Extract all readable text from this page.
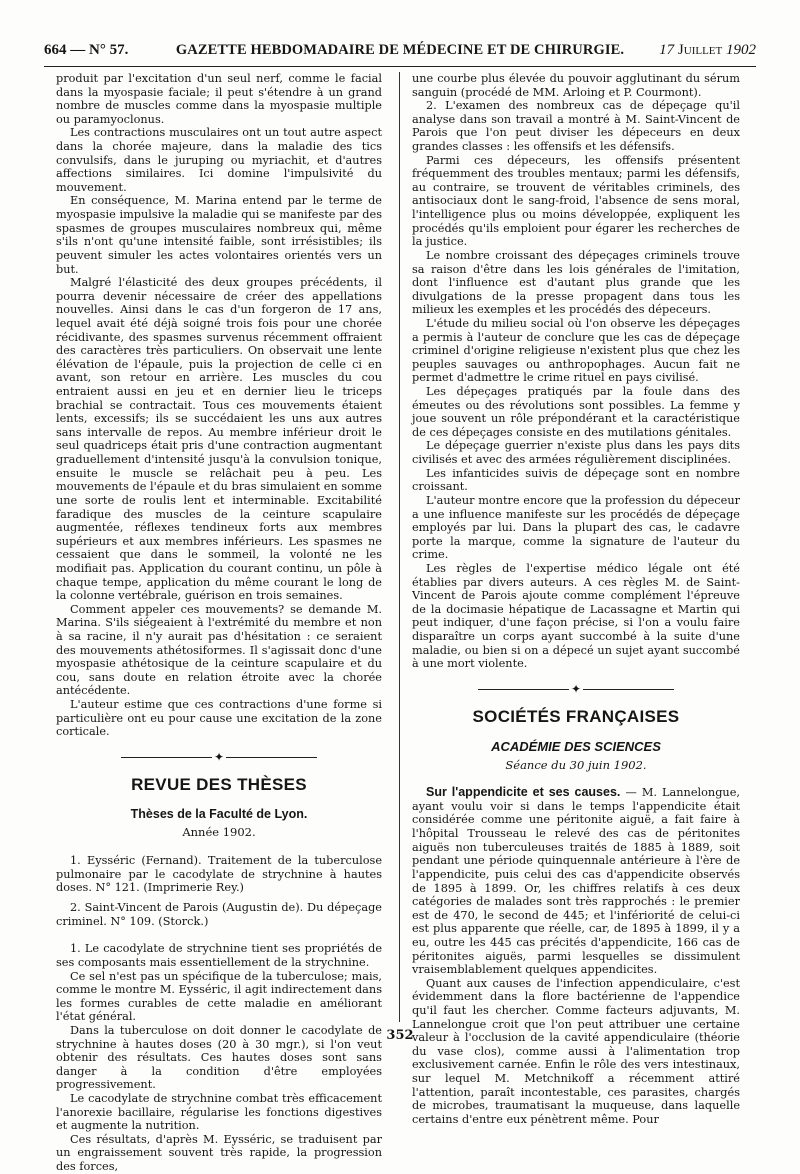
664 — N° 57.	GAZETTE HEBDOMADAIRE DE MÉDECINE ET DE CHIRURGIE.	17 Juillet 1902

produit par l'excitation d'un seul nerf, comme le facial dans la myospasie faciale; il peut s'étendre à un grand nombre de muscles comme dans la myospasie multiple ou paramyoclonus.

Les contractions musculaires ont un tout autre aspect dans la chorée majeure, dans la maladie des tics convulsifs, dans le juruping ou myriachit, et d'autres affections similaires. Ici domine l'impulsivité du mouvement.

En conséquence, M. Marina entend par le terme de myospasie impulsive la maladie qui se manifeste par des spasmes de groupes musculaires nombreux qui, même s'ils n'ont qu'une intensité faible, sont irrésistibles; ils peuvent simuler les actes volontaires orientés vers un but.

Malgré l'élasticité des deux groupes précédents, il pourra devenir nécessaire de créer des appellations nouvelles. Ainsi dans le cas d'un forgeron de 17 ans, lequel avait été déjà soigné trois fois pour une chorée récidivante, des spasmes survenus récemment offraient des caractères très particuliers. On observait une lente élévation de l'épaule, puis la projection de celle ci en avant, son retour en arrière. Les muscles du cou entraient aussi en jeu et en dernier lieu le triceps brachial se contractait. Tous ces mouvements étaient lents, excessifs; ils se succédaient les uns aux autres sans intervalle de repos. Au membre inférieur droit le seul quadriceps était pris d'une contraction augmentant graduellement d'intensité jusqu'à la convulsion tonique, ensuite le muscle se relâchait peu à peu. Les mouvements de l'épaule et du bras simulaient en somme une sorte de roulis lent et interminable. Excitabilité faradique des muscles de la ceinture scapulaire augmentée, réflexes tendineux forts aux membres supérieurs et aux membres inférieurs. Les spasmes ne cessaient que dans le sommeil, la volonté ne les modifiait pas. Application du courant continu, un pôle à chaque tempe, application du même courant le long de la colonne vertébrale, guérison en trois semaines.

Comment appeler ces mouvements? se demande M. Marina. S'ils siégeaient à l'extrémité du membre et non à sa racine, il n'y aurait pas d'hésitation : ce seraient des mouvements athétosiformes. Il s'agissait donc d'une myospasie athétosique de la ceinture scapulaire et du cou, sans doute en relation étroite avec la chorée antécédente.

L'auteur estime que ces contractions d'une forme si particulière ont eu pour cause une excitation de la zone corticale.

✦
REVUE DES THÈSES
Thèses de la Faculté de Lyon.
Année 1902.

1. Eysséric (Fernand). Traitement de la tuberculose pulmonaire par le cacodylate de strychnine à hautes doses. N° 121. (Imprimerie Rey.)

2. Saint-Vincent de Parois (Augustin de). Du dépeçage criminel. N° 109. (Storck.)

1. Le cacodylate de strychnine tient ses propriétés de ses composants mais essentiellement de la strychnine.

Ce sel n'est pas un spécifique de la tuberculose; mais, comme le montre M. Eysséric, il agit indirectement dans les formes curables de cette maladie en améliorant l'état général.

Dans la tuberculose on doit donner le cacodylate de strychnine à hautes doses (20 à 30 mgr.), si l'on veut obtenir des résultats. Ces hautes doses sont sans danger à la condition d'être employées progressivement.

Le cacodylate de strychnine combat très efficacement l'anorexie bacillaire, régularise les fonctions digestives et augmente la nutrition.

Ces résultats, d'après M. Eysséric, se traduisent par un engraissement souvent très rapide, la progression des forces,

une courbe plus élevée du pouvoir agglutinant du sérum sanguin (procédé de MM. Arloing et P. Courmont).

2. L'examen des nombreux cas de dépeçage qu'il analyse dans son travail a montré à M. Saint-Vincent de Parois que l'on peut diviser les dépeceurs en deux grandes classes : les offensifs et les défensifs.

Parmi ces dépeceurs, les offensifs présentent fréquemment des troubles mentaux; parmi les défensifs, au contraire, se trouvent de véritables criminels, des antisociaux dont le sang-froid, l'absence de sens moral, l'intelligence plus ou moins développée, expliquent les procédés qu'ils emploient pour égarer les recherches de la justice.

Le nombre croissant des dépeçages criminels trouve sa raison d'être dans les lois générales de l'imitation, dont l'influence est d'autant plus grande que les divulgations de la presse propagent dans tous les milieux les exemples et les procédés des dépeceurs.

L'étude du milieu social où l'on observe les dépeçages a permis à l'auteur de conclure que les cas de dépeçage criminel d'origine religieuse n'existent plus que chez les peuples sauvages ou anthropophages. Aucun fait ne permet d'admettre le crime rituel en pays civilisé.

Les dépeçages pratiqués par la foule dans des émeutes ou des révolutions sont possibles. La femme y joue souvent un rôle prépondérant et la caractéristique de ces dépeçages consiste en des mutilations génitales.

Le dépeçage guerrier n'existe plus dans les pays dits civilisés et avec des armées régulièrement disciplinées.

Les infanticides suivis de dépeçage sont en nombre croissant.

L'auteur montre encore que la profession du dépeceur a une influence manifeste sur les procédés de dépeçage employés par lui. Dans la plupart des cas, le cadavre porte la marque, comme la signature de l'auteur du crime.

Les règles de l'expertise médico légale ont été établies par divers auteurs. A ces règles M. de Saint-Vincent de Parois ajoute comme complément l'épreuve de la docimasie hépatique de Lacassagne et Martin qui peut indiquer, d'une façon précise, si l'on a voulu faire disparaître un corps ayant succombé à la suite d'une maladie, ou bien si on a dépecé un sujet ayant succombé à une mort violente.

✦
SOCIÉTÉS FRANÇAISES
ACADÉMIE DES SCIENCES
Séance du 30 juin 1902.

Sur l'appendicite et ses causes. — M. Lannelongue, ayant voulu voir si dans le temps l'appendicite était considérée comme une péritonite aiguë, a fait faire à l'hôpital Trousseau le relevé des cas de péritonites aiguës non tuberculeuses traités de 1885 à 1889, soit pendant une période quinquennale antérieure à l'ère de l'appendicite, puis celui des cas d'appendicite observés de 1895 à 1899. Or, les chiffres relatifs à ces deux catégories de malades sont très rapprochés : le premier est de 470, le second de 445; et l'infériorité de celui-ci est plus apparente que réelle, car, de 1895 à 1899, il y a eu, outre les 445 cas précités d'appendicite, 166 cas de péritonites aiguës, parmi lesquelles se dissimulent vraisemblablement quelques appendicites.

Quant aux causes de l'infection appendiculaire, c'est évidemment dans la flore bactérienne de l'appendice qu'il faut les chercher. Comme facteurs adjuvants, M. Lannelongue croit que l'on peut attribuer une certaine valeur à l'occlusion de la cavité appendiculaire (théorie du vase clos), comme aussi à l'alimentation trop exclusivement carnée. Enfin le rôle des vers intestinaux, sur lequel M. Metchnikoff a récemment attiré l'attention, paraît incontestable, ces parasites, chargés de microbes, traumatisant la muqueuse, dans laquelle certains d'entre eux pénètrent même. Pour

352
